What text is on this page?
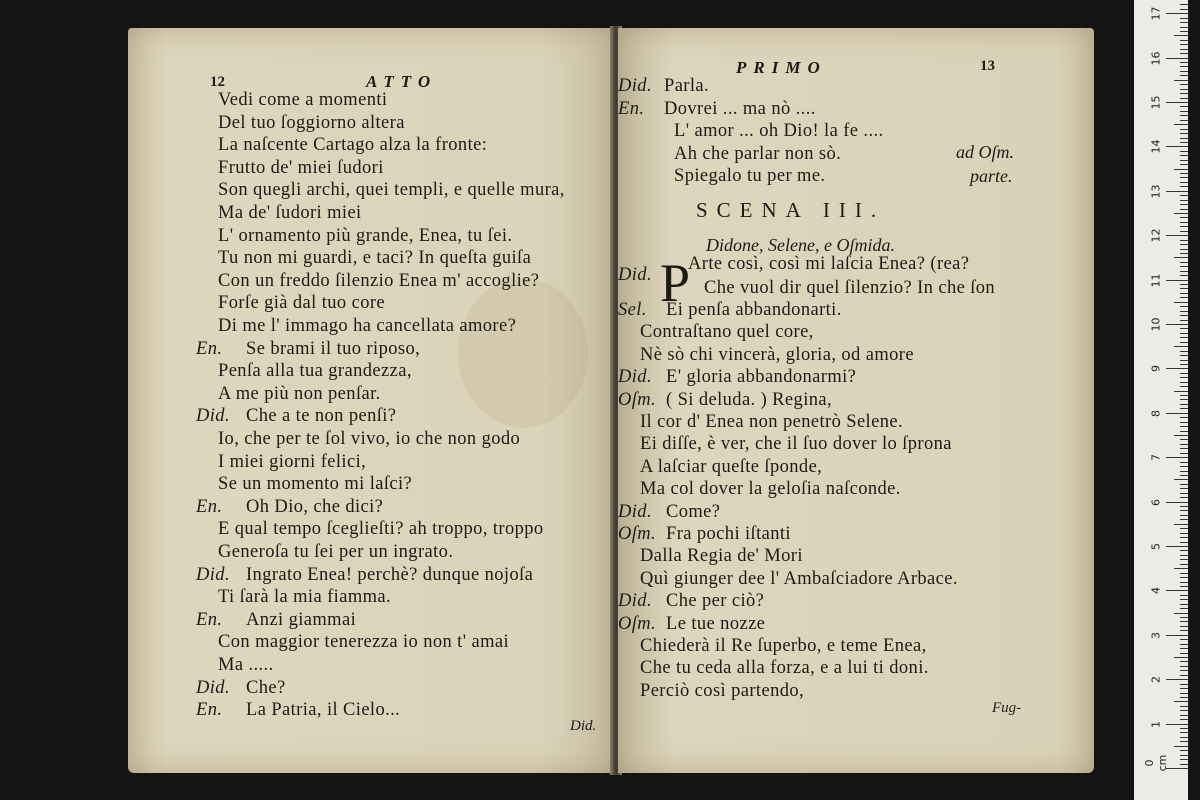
12	ATTO
Vedi come a momenti
Del tuo ſoggiorno altera
La naſcente Cartago alza la fronte:
Frutto de' miei ſudori
Son quegli archi, quei templi, e quelle mura,
Ma de' ſudori miei
L' ornamento più grande, Enea, tu ſei.
Tu non mi guardi, e taci? In queſta guiſa
Con un freddo ſilenzio Enea m' accoglie?
Forſe già dal tuo core
Di me l' immago ha cancellata amore?
En. Se brami il tuo riposo,
Penſa alla tua grandezza,
A me più non penſar.
Did. Che a te non penſi?
Io, che per te ſol vivo, io che non godo
I miei giorni felici,
Se un momento mi laſci?
En. Oh Dio, che dici?
E qual tempo ſceglieſti? ah troppo, troppo
Generoſa tu ſei per un ingrato.
Did. Ingrato Enea! perchè? dunque nojoſa
Ti ſarà la mia fiamma.
En. Anzi giammai
Con maggior tenerezza io non t' amai
Ma .....
Did. Che?
En. La Patria, il Cielo...
Did.
PRIMO	13
Did. Parla.
En. Dovrei ... ma nò ....
L' amor ... oh Dio! la fe ....
Ah che parlar non sò.
Spiegalo tu per me.
ad Oſm.
parte.
SCENA III.
Didone, Selene, e Oſmida.
Did. P
Arte così, così mi laſcia Enea? (rea?
Che vuol dir quel ſilenzio? In che ſon
Sel. Ei penſa abbandonarti.
Contraſtano quel core,
Nè sò chi vincerà, gloria, od amore
Did. E' gloria abbandonarmi?
Oſm. ( Si deluda. ) Regina,
Il cor d' Enea non penetrò Selene.
Ei diſſe, è ver, che il ſuo dover lo ſprona
A laſciar queſte ſponde,
Ma col dover la geloſia naſconde.
Did. Come?
Oſm. Fra pochi iſtanti
Dalla Regia de' Mori
Quì giunger dee l' Ambaſciadore Arbace.
Did. Che per ciò?
Oſm. Le tue nozze
Chiederà il Re ſuperbo, e teme Enea,
Che tu ceda alla forza, e a lui ti doni.
Perciò così partendo,
Fug-
0 cm
1
2
3
4
5
6
7
8
9
10
11
12
13
14
15
16
17
